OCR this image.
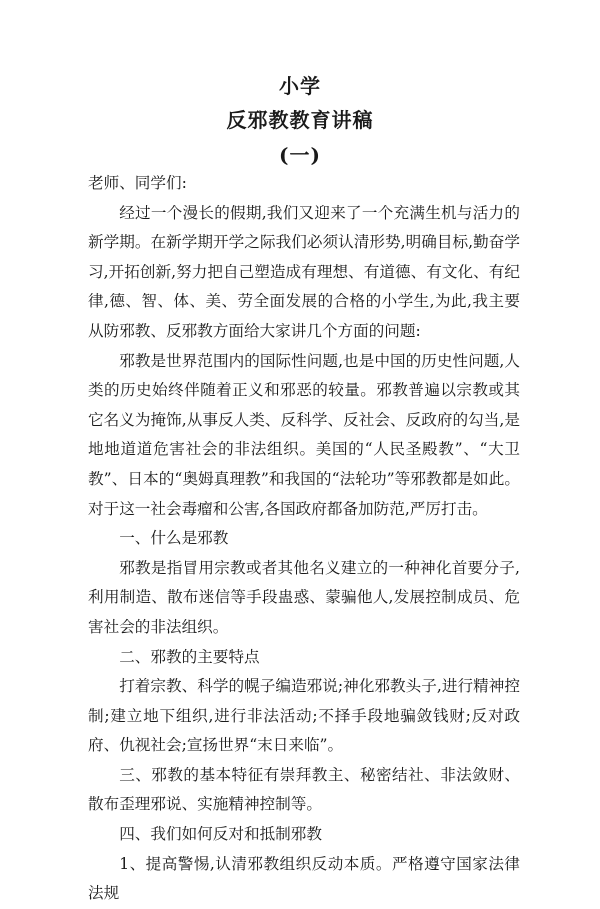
小学
反邪教教育讲稿
(一)

老师、同学们:

经过一个漫长的假期,我们又迎来了一个充满生机与活力的新学期。在新学期开学之际我们必须认清形势,明确目标,勤奋学习,开拓创新,努力把自己塑造成有理想、有道德、有文化、有纪律,德、智、体、美、劳全面发展的合格的小学生,为此,我主要从防邪教、反邪教方面给大家讲几个方面的问题:

邪教是世界范围内的国际性问题,也是中国的历史性问题,人类的历史始终伴随着正义和邪恶的较量。邪教普遍以宗教或其它名义为掩饰,从事反人类、反科学、反社会、反政府的勾当,是地地道道危害社会的非法组织。美国的“人民圣殿教”、“大卫教”、日本的“奥姆真理教”和我国的“法轮功”等邪教都是如此。对于这一社会毒瘤和公害,各国政府都备加防范,严厉打击。

一、什么是邪教

邪教是指冒用宗教或者其他名义建立的一种神化首要分子,利用制造、散布迷信等手段蛊惑、蒙骗他人,发展控制成员、危害社会的非法组织。

二、邪教的主要特点

打着宗教、科学的幌子编造邪说;神化邪教头子,进行精神控制;建立地下组织,进行非法活动;不择手段地骗敛钱财;反对政府、仇视社会;宣扬世界“末日来临”。

三、邪教的基本特征有崇拜教主、秘密结社、非法敛财、散布歪理邪说、实施精神控制等。

四、我们如何反对和抵制邪教

1、提高警惕,认清邪教组织反动本质。严格遵守国家法律法规
